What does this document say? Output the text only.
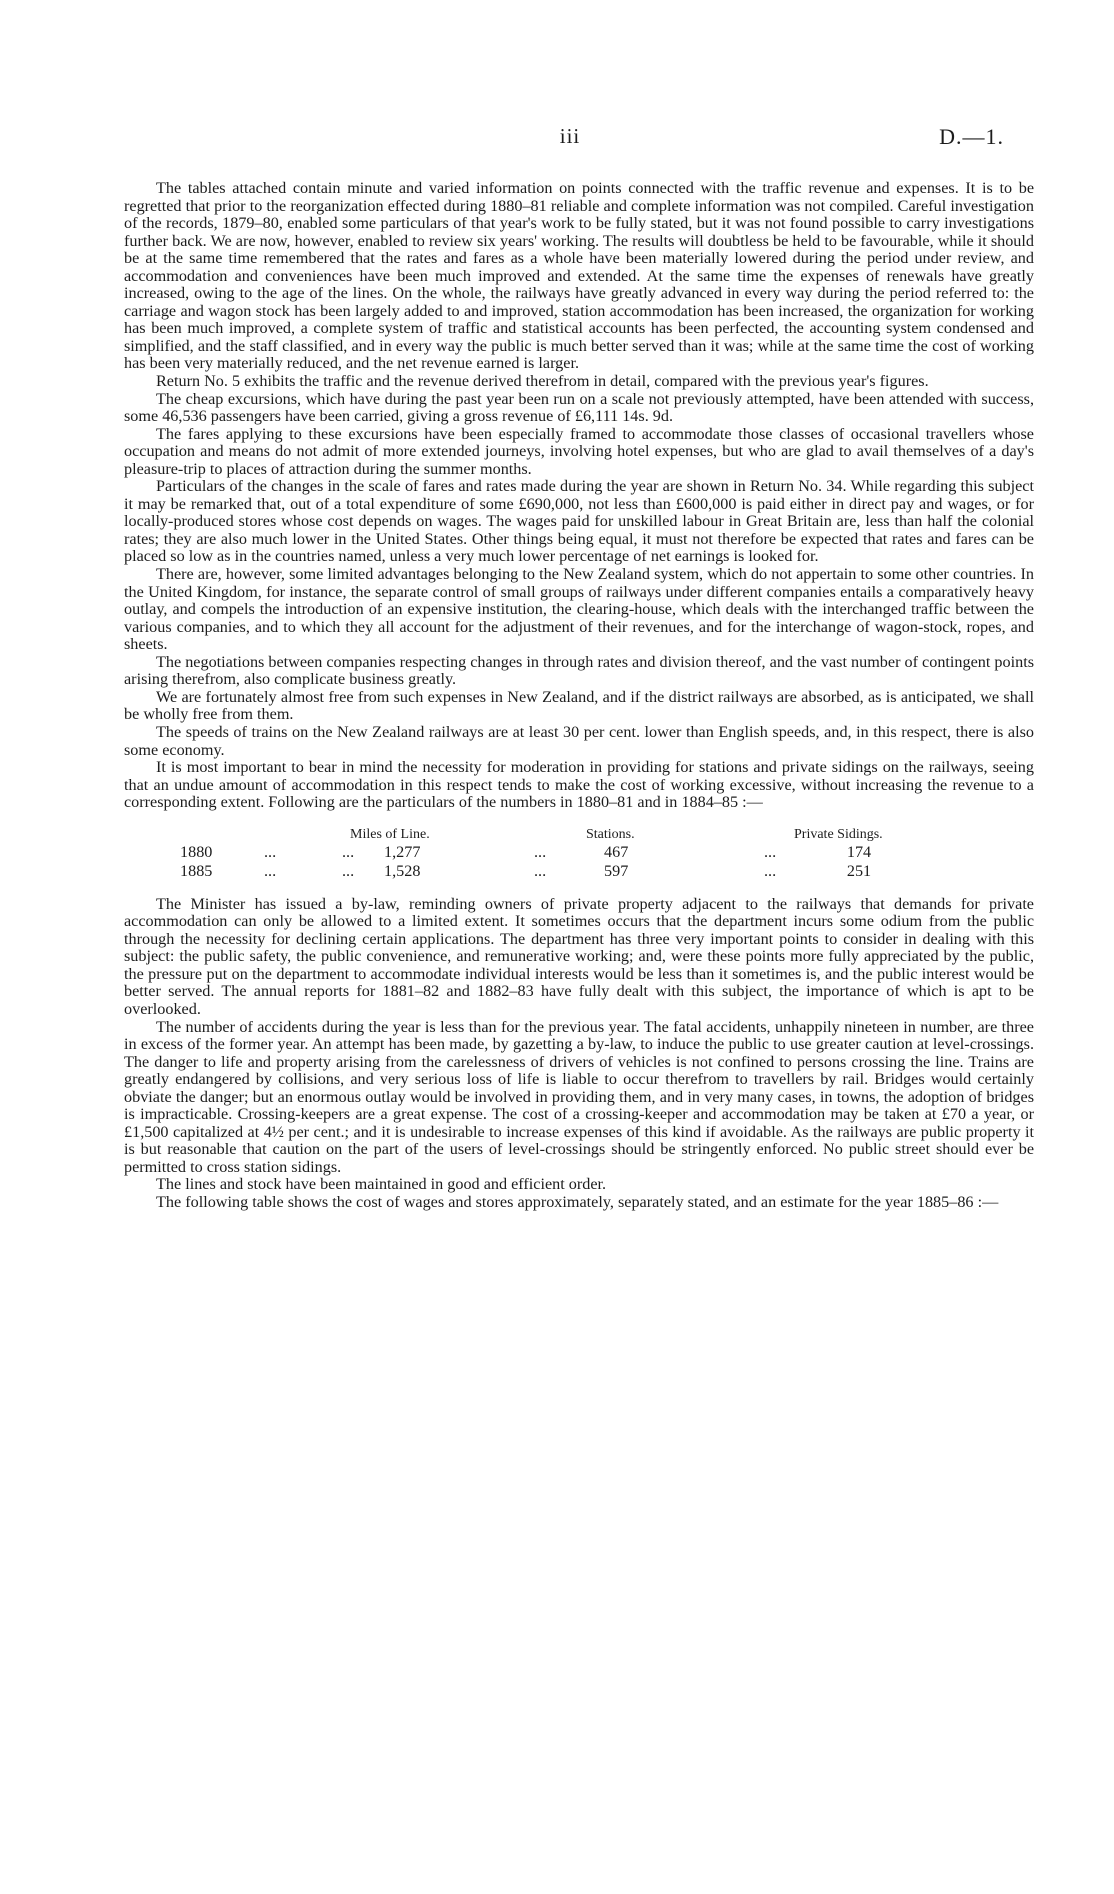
iii	D.—1.

The tables attached contain minute and varied information on points connected with the traffic revenue and expenses. It is to be regretted that prior to the reorganization effected during 1880–81 reliable and complete information was not compiled. Careful investigation of the records, 1879–80, enabled some particulars of that year's work to be fully stated, but it was not found possible to carry investigations further back. We are now, however, enabled to review six years' working. The results will doubtless be held to be favourable, while it should be at the same time remembered that the rates and fares as a whole have been materially lowered during the period under review, and accommodation and conveniences have been much improved and extended. At the same time the expenses of renewals have greatly increased, owing to the age of the lines. On the whole, the railways have greatly advanced in every way during the period referred to: the carriage and wagon stock has been largely added to and improved, station accommodation has been increased, the organization for working has been much improved, a complete system of traffic and statistical accounts has been perfected, the accounting system condensed and simplified, and the staff classified, and in every way the public is much better served than it was; while at the same time the cost of working has been very materially reduced, and the net revenue earned is larger.

Return No. 5 exhibits the traffic and the revenue derived therefrom in detail, compared with the previous year's figures.

The cheap excursions, which have during the past year been run on a scale not previously attempted, have been attended with success, some 46,536 passengers have been carried, giving a gross revenue of £6,111 14s. 9d.

The fares applying to these excursions have been especially framed to accommodate those classes of occasional travellers whose occupation and means do not admit of more extended journeys, involving hotel expenses, but who are glad to avail themselves of a day's pleasure-trip to places of attraction during the summer months.

Particulars of the changes in the scale of fares and rates made during the year are shown in Return No. 34. While regarding this subject it may be remarked that, out of a total expenditure of some £690,000, not less than £600,000 is paid either in direct pay and wages, or for locally-produced stores whose cost depends on wages. The wages paid for unskilled labour in Great Britain are, less than half the colonial rates; they are also much lower in the United States. Other things being equal, it must not therefore be expected that rates and fares can be placed so low as in the countries named, unless a very much lower percentage of net earnings is looked for.

There are, however, some limited advantages belonging to the New Zealand system, which do not appertain to some other countries. In the United Kingdom, for instance, the separate control of small groups of railways under different companies entails a comparatively heavy outlay, and compels the introduction of an expensive institution, the clearing-house, which deals with the interchanged traffic between the various companies, and to which they all account for the adjustment of their revenues, and for the interchange of wagon-stock, ropes, and sheets.

The negotiations between companies respecting changes in through rates and division thereof, and the vast number of contingent points arising therefrom, also complicate business greatly.

We are fortunately almost free from such expenses in New Zealand, and if the district railways are absorbed, as is anticipated, we shall be wholly free from them.

The speeds of trains on the New Zealand railways are at least 30 per cent. lower than English speeds, and, in this respect, there is also some economy.

It is most important to bear in mind the necessity for moderation in providing for stations and private sidings on the railways, seeing that an undue amount of accommodation in this respect tends to make the cost of working excessive, without increasing the revenue to a corresponding extent. Following are the particulars of the numbers in 1880–81 and in 1884–85 :—

Miles of Line.	Stations.	Private Sidings.
1880	...	... 1,277	...	467	...	174
1885	...	... 1,528	...	597	...	251

The Minister has issued a by-law, reminding owners of private property adjacent to the railways that demands for private accommodation can only be allowed to a limited extent. It sometimes occurs that the department incurs some odium from the public through the necessity for declining certain applications. The department has three very important points to consider in dealing with this subject: the public safety, the public convenience, and remunerative working; and, were these points more fully appreciated by the public, the pressure put on the department to accommodate individual interests would be less than it sometimes is, and the public interest would be better served. The annual reports for 1881–82 and 1882–83 have fully dealt with this subject, the importance of which is apt to be overlooked.

The number of accidents during the year is less than for the previous year. The fatal accidents, unhappily nineteen in number, are three in excess of the former year. An attempt has been made, by gazetting a by-law, to induce the public to use greater caution at level-crossings. The danger to life and property arising from the carelessness of drivers of vehicles is not confined to persons crossing the line. Trains are greatly endangered by collisions, and very serious loss of life is liable to occur therefrom to travellers by rail. Bridges would certainly obviate the danger; but an enormous outlay would be involved in providing them, and in very many cases, in towns, the adoption of bridges is impracticable. Crossing-keepers are a great expense. The cost of a crossing-keeper and accommodation may be taken at £70 a year, or £1,500 capitalized at 4½ per cent.; and it is undesirable to increase expenses of this kind if avoidable. As the railways are public property it is but reasonable that caution on the part of the users of level-crossings should be stringently enforced. No public street should ever be permitted to cross station sidings.

The lines and stock have been maintained in good and efficient order.

The following table shows the cost of wages and stores approximately, separately stated, and an estimate for the year 1885–86 :—
